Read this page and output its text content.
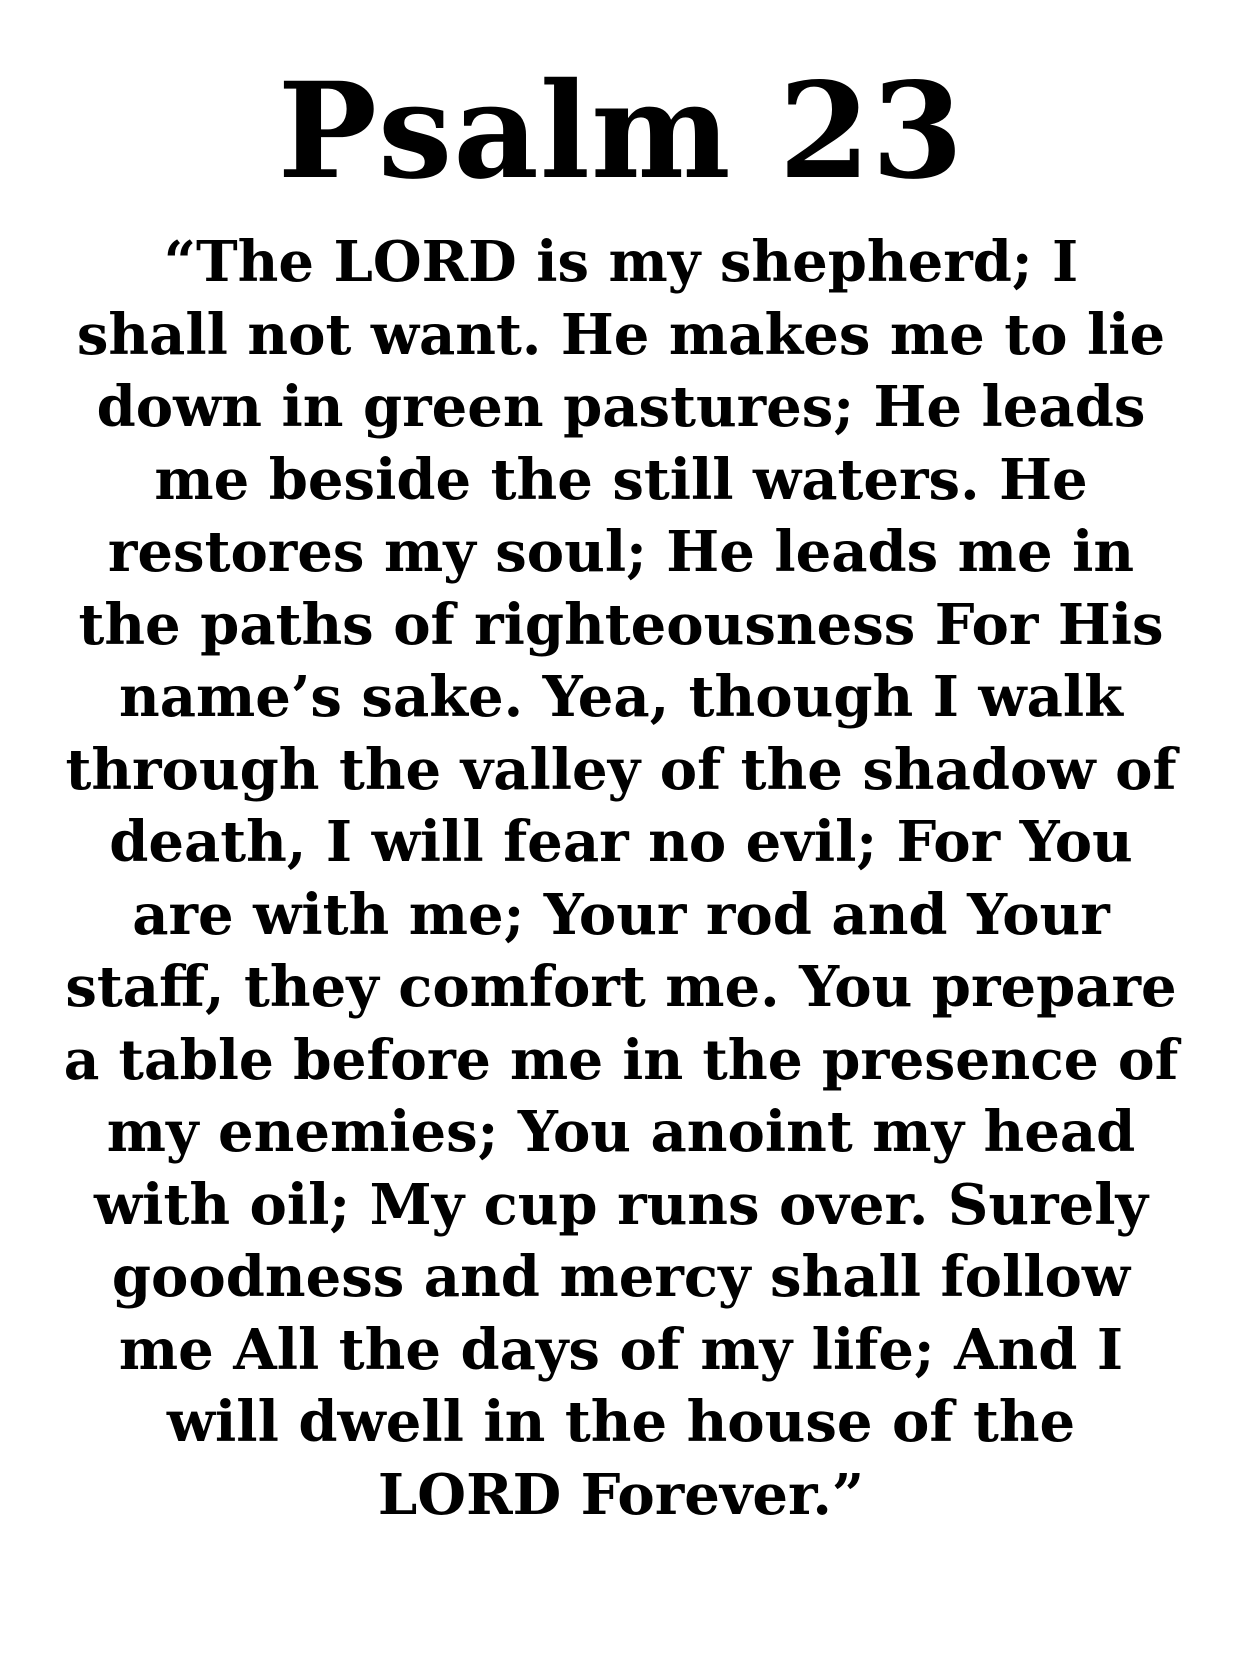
Psalm 23
“The LORD is my shepherd; I
shall not want. He makes me to lie
down in green pastures; He leads
me beside the still waters. He
restores my soul; He leads me in
the paths of righteousness For His
name’s sake. Yea, though I walk
through the valley of the shadow of
death, I will fear no evil; For You
are with me; Your rod and Your
staff, they comfort me. You prepare
a table before me in the presence of
my enemies; You anoint my head
with oil; My cup runs over. Surely
goodness and mercy shall follow
me All the days of my life; And I
will dwell in the house of the
LORD Forever.”
